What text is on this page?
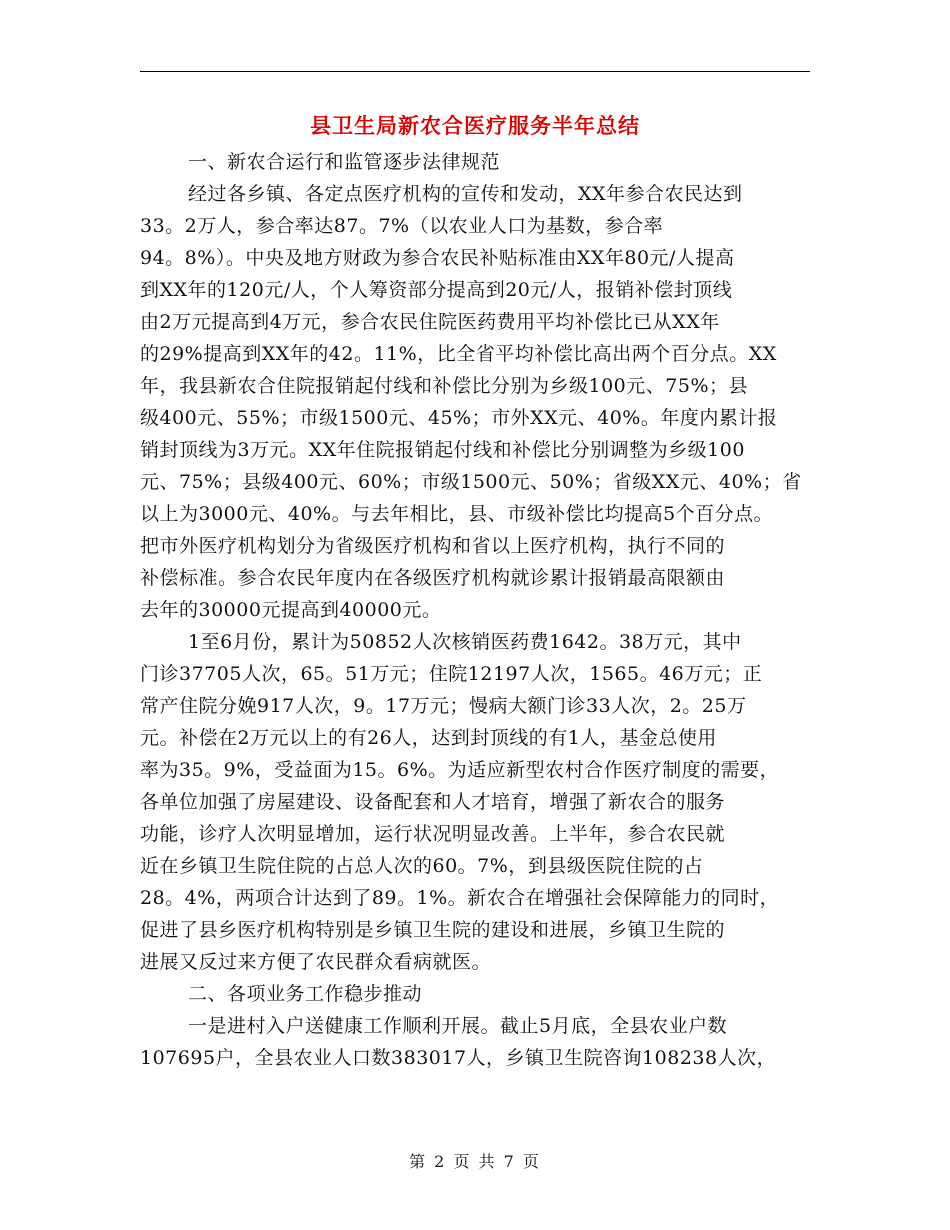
县卫生局新农合医疗服务半年总结
一、新农合运行和监管逐步法律规范
经过各乡镇、各定点医疗机构的宣传和发动，XX年参合农民达到
33。2万人，参合率达87。7%（以农业人口为基数，参合率
94。8%）。中央及地方财政为参合农民补贴标准由XX年80元/人提高
到XX年的120元/人，个人筹资部分提高到20元/人，报销补偿封顶线
由2万元提高到4万元，参合农民住院医药费用平均补偿比已从XX年
的29%提高到XX年的42。11%，比全省平均补偿比高出两个百分点。XX
年，我县新农合住院报销起付线和补偿比分别为乡级100元、75%；县
级400元、55%；市级1500元、45%；市外XX元、40%。年度内累计报
销封顶线为3万元。XX年住院报销起付线和补偿比分别调整为乡级100
元、75%；县级400元、60%；市级1500元、50%；省级XX元、40%；省
以上为3000元、40%。与去年相比，县、市级补偿比均提高5个百分点。
把市外医疗机构划分为省级医疗机构和省以上医疗机构，执行不同的
补偿标准。参合农民年度内在各级医疗机构就诊累计报销最高限额由
去年的30000元提高到40000元。
1至6月份，累计为50852人次核销医药费1642。38万元，其中
门诊37705人次，65。51万元；住院12197人次，1565。46万元；正
常产住院分娩917人次，9。17万元；慢病大额门诊33人次，2。25万
元。补偿在2万元以上的有26人，达到封顶线的有1人，基金总使用
率为35。9%，受益面为15。6%。为适应新型农村合作医疗制度的需要，
各单位加强了房屋建设、设备配套和人才培育，增强了新农合的服务
功能，诊疗人次明显增加，运行状况明显改善。上半年，参合农民就
近在乡镇卫生院住院的占总人次的60。7%，到县级医院住院的占
28。4%，两项合计达到了89。1%。新农合在增强社会保障能力的同时，
促进了县乡医疗机构特别是乡镇卫生院的建设和进展，乡镇卫生院的
进展又反过来方便了农民群众看病就医。
二、各项业务工作稳步推动
一是进村入户送健康工作顺利开展。截止5月底，全县农业户数
107695户，全县农业人口数383017人，乡镇卫生院咨询108238人次，
第 2 页 共 7 页
